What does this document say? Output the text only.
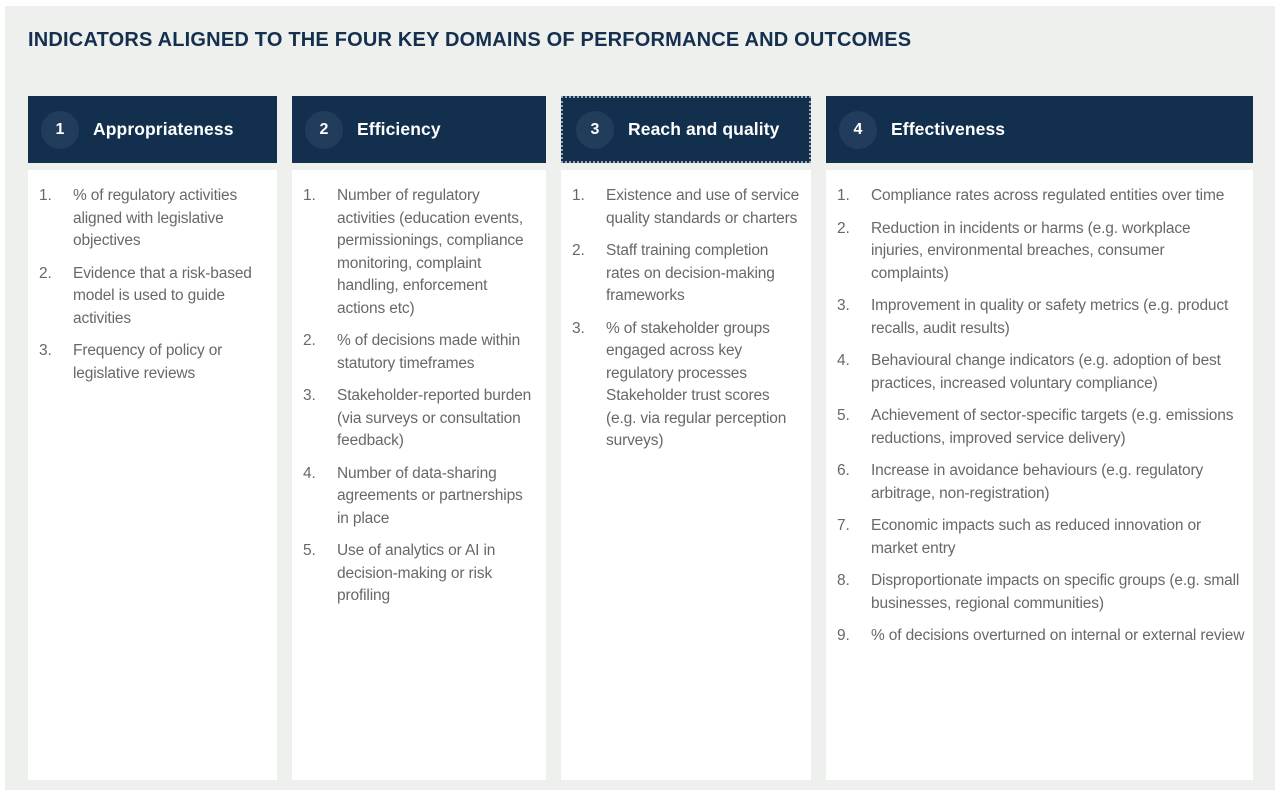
INDICATORS ALIGNED TO THE FOUR KEY DOMAINS OF PERFORMANCE AND OUTCOMES
1	Appropriateness
1.	% of regulatory activities aligned with legislative objectives
2.	Evidence that a risk-based model is used to guide activities
3.	Frequency of policy or legislative reviews
2	Efficiency
1.	Number of regulatory activities (education events, permissionings, compliance monitoring, complaint handling, enforcement actions etc)
2.	% of decisions made within statutory timeframes
3.	Stakeholder-reported burden (via surveys or consultation feedback)
4.	Number of data-sharing agreements or partnerships in place
5.	Use of analytics or AI in decision-making or risk profiling
3	Reach and quality
1.	Existence and use of service quality standards or charters
2.	Staff training completion rates on decision-making frameworks
3.	% of stakeholder groups engaged across key regulatory processes Stakeholder trust scores (e.g. via regular perception surveys)
4	Effectiveness
1.	Compliance rates across regulated entities over time
2.	Reduction in incidents or harms (e.g. workplace injuries, environmental breaches, consumer complaints)
3.	Improvement in quality or safety metrics (e.g. product recalls, audit results)
4.	Behavioural change indicators (e.g. adoption of best practices, increased voluntary compliance)
5.	Achievement of sector-specific targets (e.g. emissions reductions, improved service delivery)
6.	Increase in avoidance behaviours (e.g. regulatory arbitrage, non-registration)
7.	Economic impacts such as reduced innovation or market entry
8.	Disproportionate impacts on specific groups (e.g. small businesses, regional communities)
9.	% of decisions overturned on internal or external review
